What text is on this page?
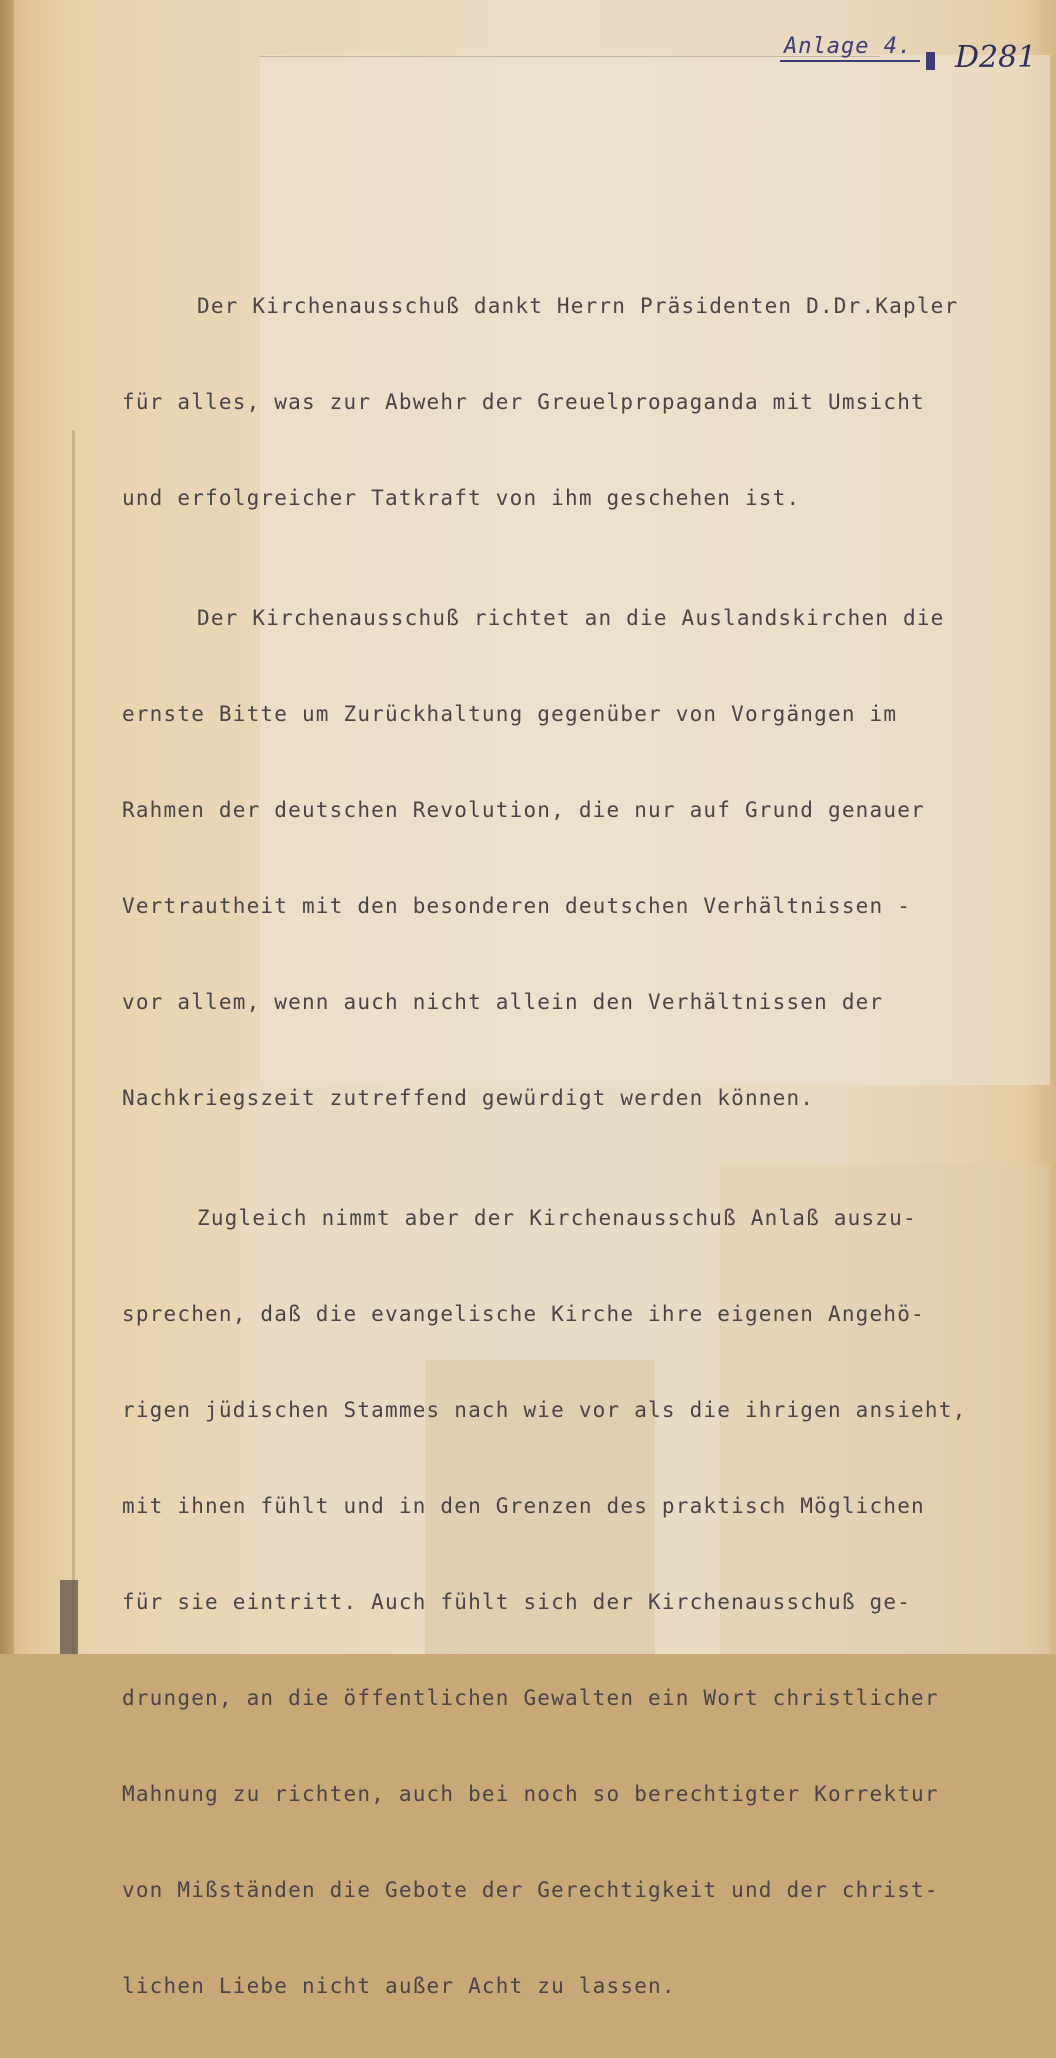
Anlage 4. D281

Der Kirchenausschuß dankt Herrn Präsidenten D.Dr.Kapler

für alles, was zur Abwehr der Greuelpropaganda mit Umsicht

und erfolgreicher Tatkraft von ihm geschehen ist.

Der Kirchenausschuß richtet an die Auslandskirchen die

ernste Bitte um Zurückhaltung gegenüber von Vorgängen im

Rahmen der deutschen Revolution, die nur auf Grund genauer

Vertrautheit mit den besonderen deutschen Verhältnissen -

vor allem, wenn auch nicht allein den Verhältnissen der

Nachkriegszeit zutreffend gewürdigt werden können.

Zugleich nimmt aber der Kirchenausschuß Anlaß auszu-

sprechen, daß die evangelische Kirche ihre eigenen Angehö-

rigen jüdischen Stammes nach wie vor als die ihrigen ansieht,

mit ihnen fühlt und in den Grenzen des praktisch Möglichen

für sie eintritt. Auch fühlt sich der Kirchenausschuß ge-

drungen, an die öffentlichen Gewalten ein Wort christlicher

Mahnung zu richten, auch bei noch so berechtigter Korrektur

von Mißständen die Gebote der Gerechtigkeit und der christ-

lichen Liebe nicht außer Acht zu lassen.
